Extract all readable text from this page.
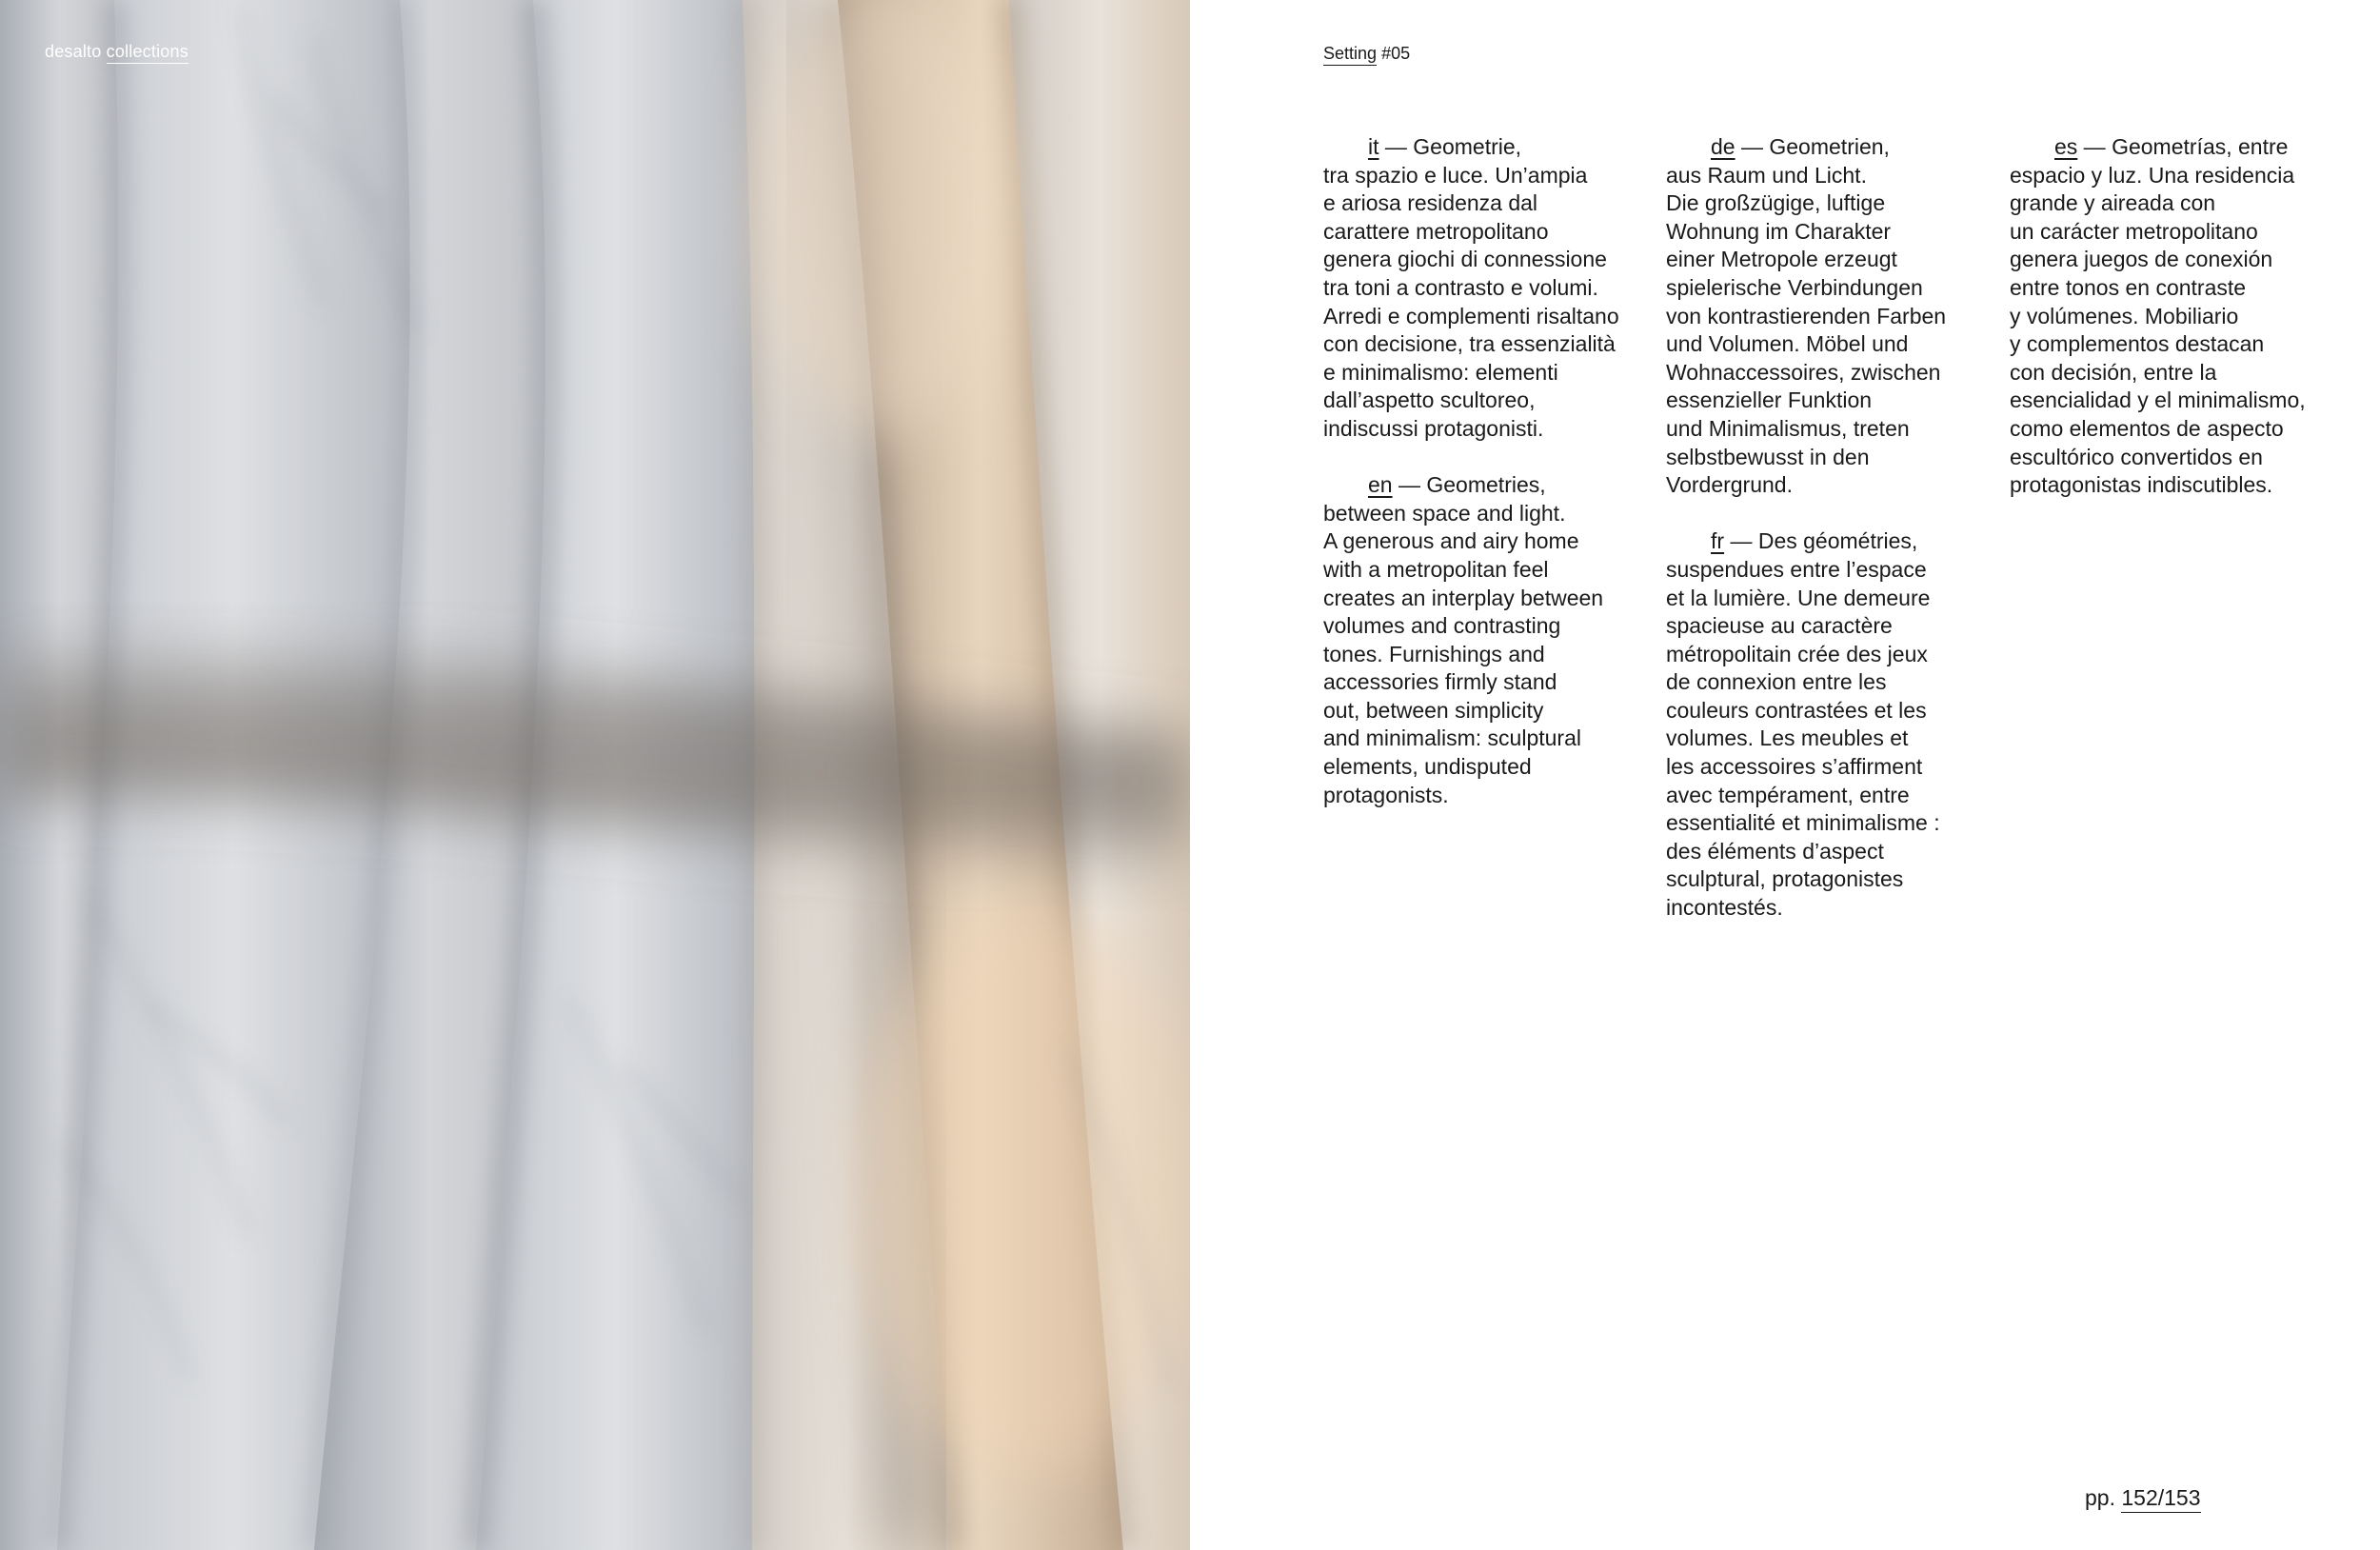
desalto collections	Setting #05
it — Geometrie,
tra spazio e luce. Un’ampia
e ariosa residenza dal
carattere metropolitano
genera giochi di connessione
tra toni a contrasto e volumi.
Arredi e complementi risaltano
con decisione, tra essenzialità
e minimalismo: elementi
dall’aspetto scultoreo,
indiscussi protagonisti.
en — Geometries,
between space and light.
A generous and airy home
with a metropolitan feel
creates an interplay between
volumes and contrasting
tones. Furnishings and
accessories firmly stand
out, between simplicity
and minimalism: sculptural
elements, undisputed
protagonists.
de — Geometrien,
aus Raum und Licht.
Die großzügige, luftige
Wohnung im Charakter
einer Metropole erzeugt
spielerische Verbindungen
von kontrastierenden Farben
und Volumen. Möbel und
Wohnaccessoires, zwischen
essenzieller Funktion
und Minimalismus, treten
selbstbewusst in den
Vordergrund.
fr — Des géométries,
suspendues entre l’espace
et la lumière. Une demeure
spacieuse au caractère
métropolitain crée des jeux
de connexion entre les
couleurs contrastées et les
volumes. Les meubles et
les accessoires s’affirment
avec tempérament, entre
essentialité et minimalisme :
des éléments d’aspect
sculptural, protagonistes
incontestés.
es — Geometrías, entre
espacio y luz. Una residencia
grande y aireada con
un carácter metropolitano
genera juegos de conexión
entre tonos en contraste
y volúmenes. Mobiliario
y complementos destacan
con decisión, entre la
esencialidad y el minimalismo,
como elementos de aspecto
escultórico convertidos en
protagonistas indiscutibles.
pp. 152/153
